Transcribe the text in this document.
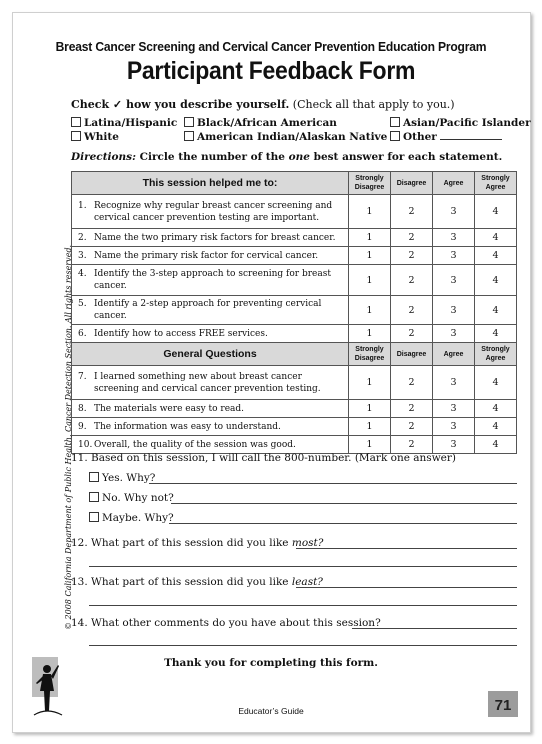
Breast Cancer Screening and Cervical Cancer Prevention Education Program
Participant Feedback Form
Check ✓ how you describe yourself. (Check all that apply to you.)
Latina/Hispanic	Black/African American	Asian/Pacific Islander
White	American Indian/Alaskan Native	Other
Directions: Circle the number of the one best answer for each statement.
This session helped me to:	Strongly Disagree	Disagree	Agree	Strongly Agree
1. Recognize why regular breast cancer screening and cervical cancer prevention testing are important.	1	2	3	4
2. Name the two primary risk factors for breast cancer.	1	2	3	4
3. Name the primary risk factor for cervical cancer.	1	2	3	4
4. Identify the 3-step approach to screening for breast cancer.	1	2	3	4
5. Identify a 2-step approach for preventing cervical cancer.	1	2	3	4
6. Identify how to access FREE services.	1	2	3	4
General Questions	Strongly Disagree	Disagree	Agree	Strongly Agree
7. I learned something new about breast cancer screening and cervical cancer prevention testing.	1	2	3	4
8. The materials were easy to read.	1	2	3	4
9. The information was easy to understand.	1	2	3	4
10. Overall, the quality of the session was good.	1	2	3	4
11. Based on this session, I will call the 800-number. (Mark one answer)
Yes. Why?
No. Why not?
Maybe. Why?
12. What part of this session did you like most?
13. What part of this session did you like least?
14. What other comments do you have about this session?
Thank you for completing this form.
© 2008 California Department of Public Health, Cancer Detection Section. All rights reserved.
Educator’s Guide	71
